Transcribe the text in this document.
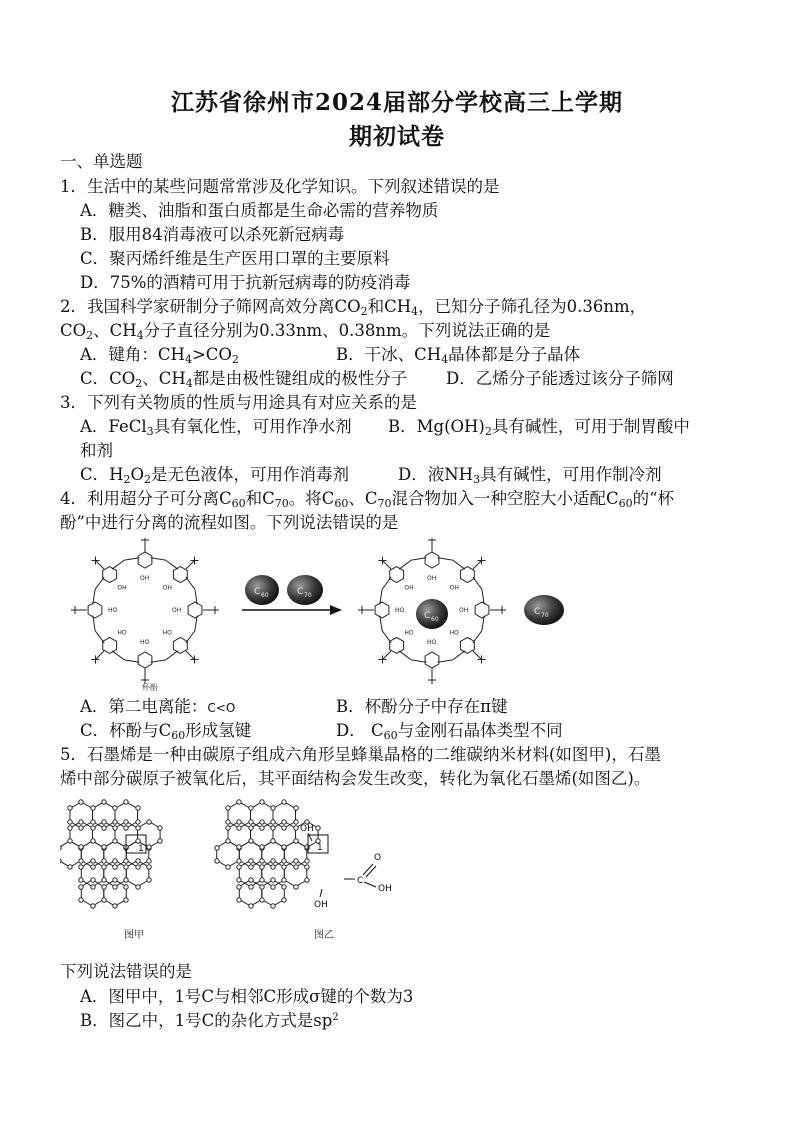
江苏省徐州市2024届部分学校高三上学期
期初试卷
一、单选题
1．生活中的某些问题常常涉及化学知识。下列叙述错误的是
A．糖类、油脂和蛋白质都是生命必需的营养物质
B．服用84消毒液可以杀死新冠病毒
C．聚丙烯纤维是生产医用口罩的主要原料
D．75%的酒精可用于抗新冠病毒的防疫消毒
2．我国科学家研制分子筛网高效分离$CO_2$和$CH_4$，已知分子筛孔径为0.36nm，
$CO_2$、$CH_4$分子直径分别为0.33nm、0.38nm。下列说法正确的是
A．键角：$CH_4>CO_2$	B．干冰、$CH_4$晶体都是分子晶体
C．$CO_2$、$CH_4$都是由极性键组成的极性分子 D．乙烯分子能透过该分子筛网
3．下列有关物质的性质与用途具有对应关系的是
A．FeCl$_3$具有氧化性，可用作净水剂 B．$Mg(OH)_2$具有碱性，可用于制胃酸中
和剂
C．$H_2O_2$是无色液体，可用作消毒剂	D．液$NH_3$具有碱性，可用作制冷剂
4．利用超分子可分离$C_{60}$和$C_{70}$。将$C_{60}$、$C_{70}$混合物加入一种空腔大小适配$C_{60}$的“杯
酚”中进行分离的流程如图。下列说法错误的是
OH
OH
OH
HO
HO
HO
HO
OH
OH
OH
OH
HO
HO
HO
HO
OH
C 60	C 70
C 60
C 70
杯酚
A．第二电离能：C<O	B．杯酚分子中存在π键
C．杯酚与$C_{60}$形成氢键	D． $C_{60}$与金刚石晶体类型不同
5．石墨烯是一种由碳原子组成六角形呈蜂巢晶格的二维碳纳米材料(如图甲)，石墨
烯中部分碳原子被氧化后，其平面结构会发生改变，转化为氧化石墨烯(如图乙)。
1	1
OH
C
O
OH
OH
图甲	图乙
下列说法错误的是
A．图甲中，1号C与相邻C形成σ键的个数为3
B．图乙中，1号C的杂化方式是$sp^2$
